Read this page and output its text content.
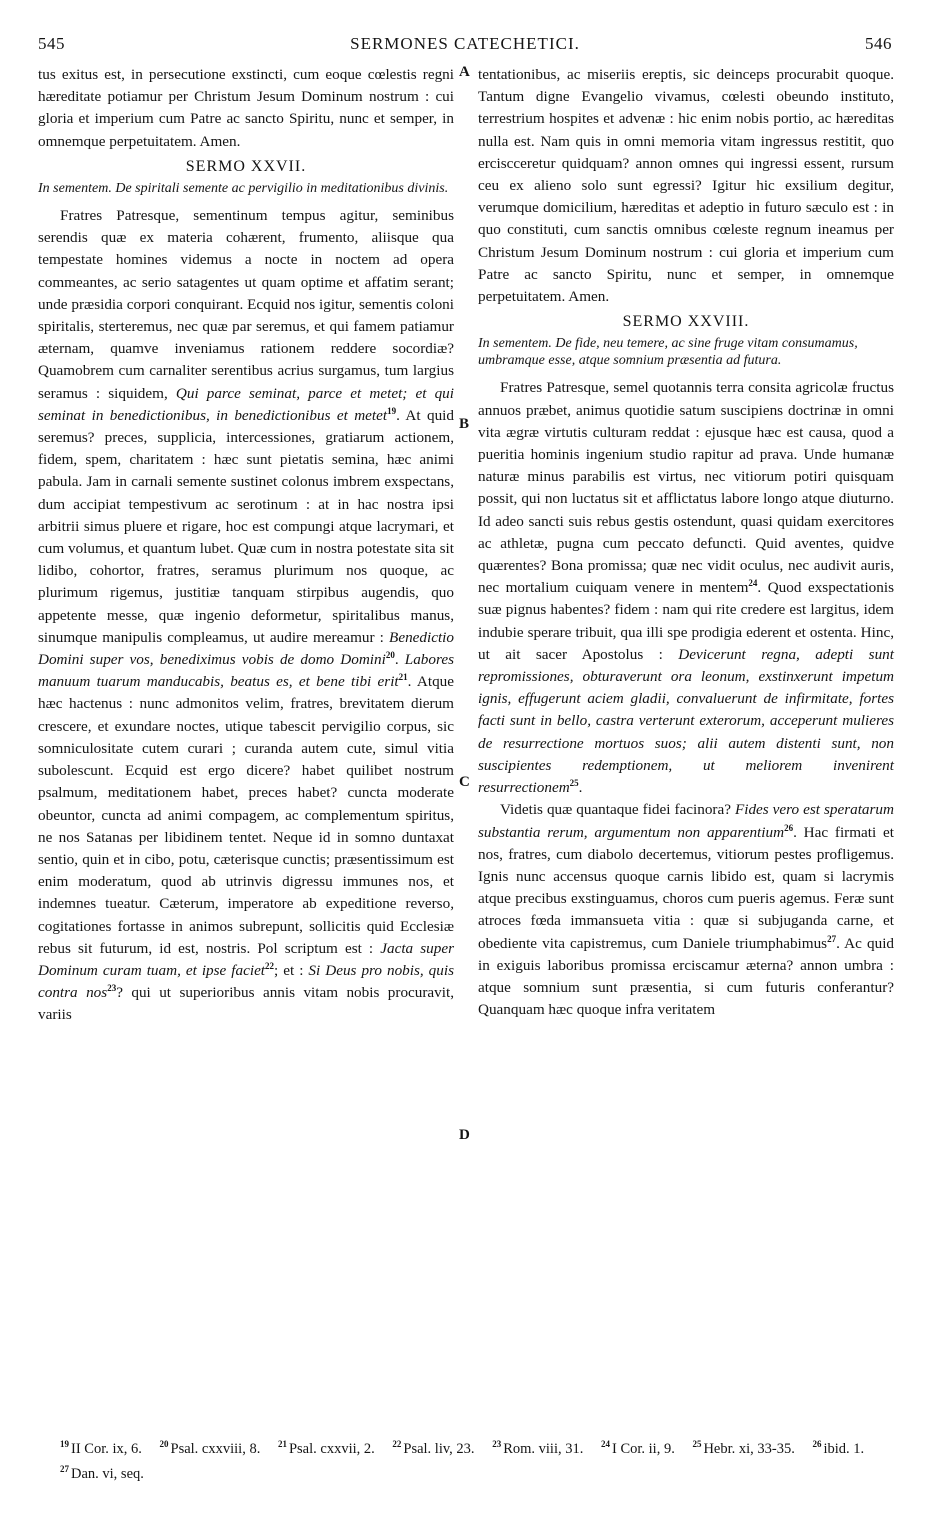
545	SERMONES CATECHETICI.	546
A
B
C
D

tus exitus est, in persecutione exstincti, cum eoque cœlestis regni hæreditate potiamur per Christum Jesum Dominum nostrum : cui gloria et imperium cum Patre ac sancto Spiritu, nunc et semper, in omnemque perpetuitatem. Amen.

SERMO XXVII.

In sementem. De spiritali semente ac pervigilio in meditationibus divinis.

Fratres Patresque, sementinum tempus agitur, seminibus serendis quæ ex materia cohærent, frumento, aliisque qua tempestate homines videmus a nocte in noctem ad opera commeantes, ac serio satagentes ut quam optime et affatim serant; unde præsidia corpori conquirant. Ecquid nos igitur, sementis coloni spiritalis, sterteremus, nec quæ par seremus, et qui famem patiamur æternam, quamve inveniamus rationem reddere socordiæ? Quamobrem cum carnaliter serentibus acrius surgamus, tum largius seramus : siquidem, Qui parce seminat, parce et metet; et qui seminat in benedictionibus, in benedictionibus et metet$^{19}$. At quid seremus? preces, supplicia, intercessiones, gratiarum actionem, fidem, spem, charitatem : hæc sunt pietatis semina, hæc animi pabula. Jam in carnali semente sustinet colonus imbrem exspectans, dum accipiat tempestivum ac serotinum : at in hac nostra ipsi arbitrii simus pluere et rigare, hoc est compungi atque lacrymari, et cum volumus, et quantum lubet. Quæ cum in nostra potestate sita sit lidibo, cohortor, fratres, seramus plurimum nos quoque, ac plurimum rigemus, justitiæ tanquam stirpibus augendis, quo appetente messe, quæ ingenio deformetur, spiritalibus manus, sinumque manipulis compleamus, ut audire mereamur : Benedictio Domini super vos, benediximus vobis de domo Domini$^{20}$. Labores manuum tuarum manducabis, beatus es, et bene tibi erit$^{21}$. Atque hæc hactenus : nunc admonitos velim, fratres, brevitatem dierum crescere, et exundare noctes, utique tabescit pervigilio corpus, sic somniculositate cutem curari ; curanda autem cute, simul vitia subolescunt. Ecquid est ergo dicere? habet quilibet nostrum psalmum, meditationem habet, preces habet? cuncta moderate obeuntor, cuncta ad animi compagem, ac complementum spiritus, ne nos Satanas per libidinem tentet. Neque id in somno duntaxat sentio, quin et in cibo, potu, cæterisque cunctis; præsentissimum est enim moderatum, quod ab utrinvis digressu immunes nos, et indemnes tueatur. Cæterum, imperatore ab expeditione reverso, cogitationes fortasse in animos subrepunt, sollicitis quid Ecclesiæ rebus sit futurum, id est, nostris. Pol scriptum est : Jacta super Dominum curam tuam, et ipse faciet$^{22}$; et : Si Deus pro nobis, quis contra nos$^{23}$? qui ut superioribus annis vitam nobis procuravit, variis

tentationibus, ac miseriis ereptis, sic deinceps procurabit quoque. Tantum digne Evangelio vivamus, cœlesti obeundo instituto, terrestrium hospites et advenæ : hic enim nobis portio, ac hæreditas nulla est. Nam quis in omni memoria vitam ingressus restitit, quo erciscceretur quidquam? annon omnes qui ingressi essent, rursum ceu ex alieno solo sunt egressi? Igitur hic exsilium degitur, verumque domicilium, hæreditas et adeptio in futuro sæculo est : in quo constituti, cum sanctis omnibus cœleste regnum ineamus per Christum Jesum Dominum nostrum : cui gloria et imperium cum Patre ac sancto Spiritu, nunc et semper, in omnemque perpetuitatem. Amen.

SERMO XXVIII.

In sementem. De fide, neu temere, ac sine fruge vitam consumamus, umbramque esse, atque somnium præsentia ad futura.

Fratres Patresque, semel quotannis terra consita agricolæ fructus annuos præbet, animus quotidie satum suscipiens doctrinæ in omni vita ægræ virtutis culturam reddat : ejusque hæc est causa, quod a pueritia hominis ingenium studio rapitur ad prava. Unde humanæ naturæ minus parabilis est virtus, nec vitiorum potiri quisquam possit, qui non luctatus sit et afflictatus labore longo atque diuturno. Id adeo sancti suis rebus gestis ostendunt, quasi quidam exercitores ac athletæ, pugna cum peccato defuncti. Quid aventes, quidve quærentes? Bona promissa; quæ nec vidit oculus, nec audivit auris, nec mortalium cuiquam venere in mentem$^{24}$. Quod exspectationis suæ pignus habentes? fidem : nam qui rite credere est largitus, idem indubie sperare tribuit, qua illi spe prodigia ederent et ostenta. Hinc, ut ait sacer Apostolus : Devicerunt regna, adepti sunt repromissiones, obturaverunt ora leonum, exstinxerunt impetum ignis, effugerunt aciem gladii, convaluerunt de infirmitate, fortes facti sunt in bello, castra verterunt exterorum, acceperunt mulieres de resurrectione mortuos suos; alii autem distenti sunt, non suscipientes redemptionem, ut meliorem invenirent resurrectionem$^{25}$.

Videtis quæ quantaque fidei facinora? Fides vero est speratarum substantia rerum, argumentum non apparentium$^{26}$. Hac firmati et nos, fratres, cum diabolo decertemus, vitiorum pestes profligemus. Ignis nunc accensus quoque carnis libido est, quam si lacrymis atque precibus exstinguamus, choros cum pueris agemus. Feræ sunt atroces fœda immansueta vitia : quæ si subjuganda carne, et obediente vita capistremus, cum Daniele triumphabimus$^{27}$. Ac quid in exiguis laboribus promissa erciscamur æterna? annon umbra : atque somnium sunt præsentia, si cum futuris conferantur? Quanquam hæc quoque infra veritatem

$^{19}$ II Cor. ix, 6. $^{20}$ Psal. cxxviii, 8. $^{21}$ Psal. cxxvii, 2. $^{22}$ Psal. liv, 23. $^{23}$ Rom. viii, 31. $^{24}$ I Cor. ii, 9. $^{25}$ Hebr. xi, 33-35. $^{26}$ ibid. 1. $^{27}$ Dan. vi, seq.
